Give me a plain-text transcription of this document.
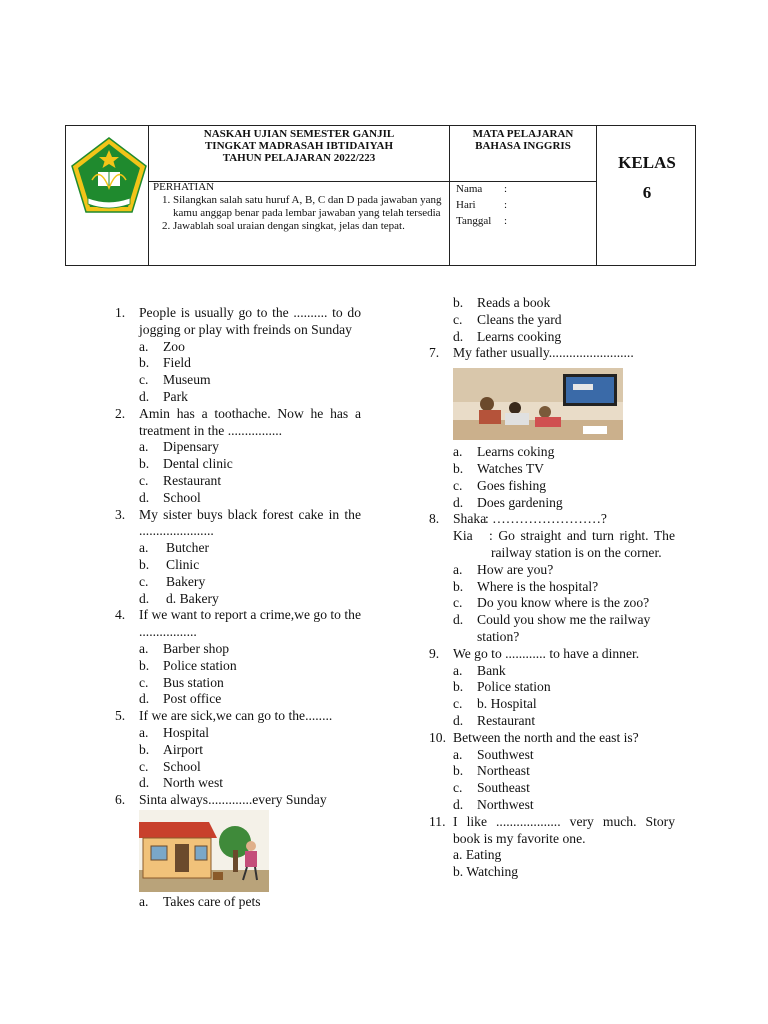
NASKAH UJIAN SEMESTER GANJIL
TINGKAT MADRASAH IBTIDAIYAH
TAHUN PELAJARAN 2022/223
MATA PELAJARAN
BAHASA INGGRIS
KELAS
6
PERHATIAN
1. Silangkan salah satu huruf A, B, C dan D pada jawaban yang kamu anggap benar pada lembar jawaban yang telah tersedia
2. Jawablah soal uraian dengan singkat, jelas dan tepat.
Nama :
Hari	:
Tanggal :
1. People is usually go to the .......... to do jogging or play with freinds on Sunday
a. Zoo
b. Field
c. Museum
d. Park
2. Amin has a toothache. Now he has a treatment in the ................
a. Dipensary
b. Dental clinic
c. Restaurant
d. School
3. My sister buys black forest cake in the ......................
a. Butcher
b. Clinic
c. Bakery
d. d. Bakery
4. If we want to report a crime,we go to the .................
a. Barber shop
b. Police station
c. Bus station
d. Post office
5. If we are sick,we can go to the........
a. Hospital
b. Airport
c. School
d. North west
6. Sinta always.............every Sunday
a. Takes care of pets
b. Reads a book
c. Cleans the yard
d. Learns cooking
7. My father usually.........................
a. Learns coking
b. Watches TV
c. Goes fishing
d. Does gardening
8. Shaka
: ……………………?
Kia	: Go straight and turn right. The railway station is on the corner.
a. How are you?
b. Where is the hospital?
c. Do you know where is the zoo?
d. Could you show me the railway station?
9. We go to ............ to have a dinner.
a. Bank
b. Police station
c. b. Hospital
d. Restaurant
10. Between the north and the east is?
a. Southwest
b. Northeast
c. Southeast
d. Northwest
11. I like ................... very much. Story book is my favorite one.
a. Eating
b. Watching
